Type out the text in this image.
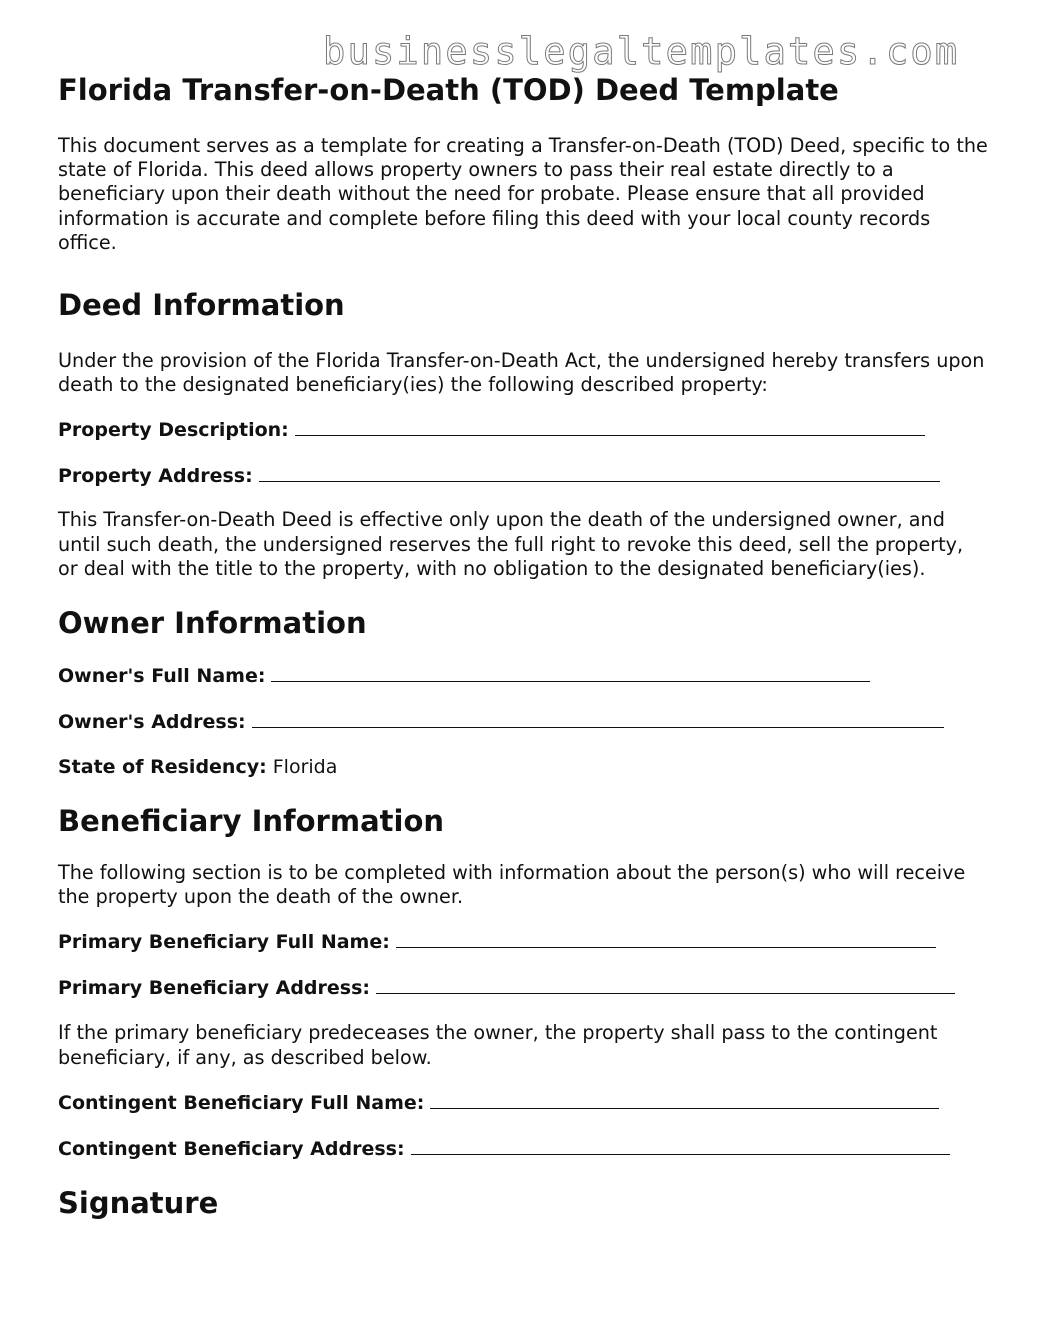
businesslegaltemplates.com
Florida Transfer-on-Death (TOD) Deed Template

This document serves as a template for creating a Transfer-on-Death (TOD) Deed, specific to the state of Florida. This deed allows property owners to pass their real estate directly to a beneficiary upon their death without the need for probate. Please ensure that all provided information is accurate and complete before filing this deed with your local county records office.

Deed Information

Under the provision of the Florida Transfer-on-Death Act, the undersigned hereby transfers upon death to the designated beneficiary(ies) the following described property:

Property Description:
Property Address:

This Transfer-on-Death Deed is effective only upon the death of the undersigned owner, and until such death, the undersigned reserves the full right to revoke this deed, sell the property, or deal with the title to the property, with no obligation to the designated beneficiary(ies).

Owner Information
Owner's Full Name:
Owner's Address:
State of Residency: Florida
Beneficiary Information

The following section is to be completed with information about the person(s) who will receive the property upon the death of the owner.

Primary Beneficiary Full Name:
Primary Beneficiary Address:

If the primary beneficiary predeceases the owner, the property shall pass to the contingent beneficiary, if any, as described below.

Contingent Beneficiary Full Name:
Contingent Beneficiary Address:
Signature
